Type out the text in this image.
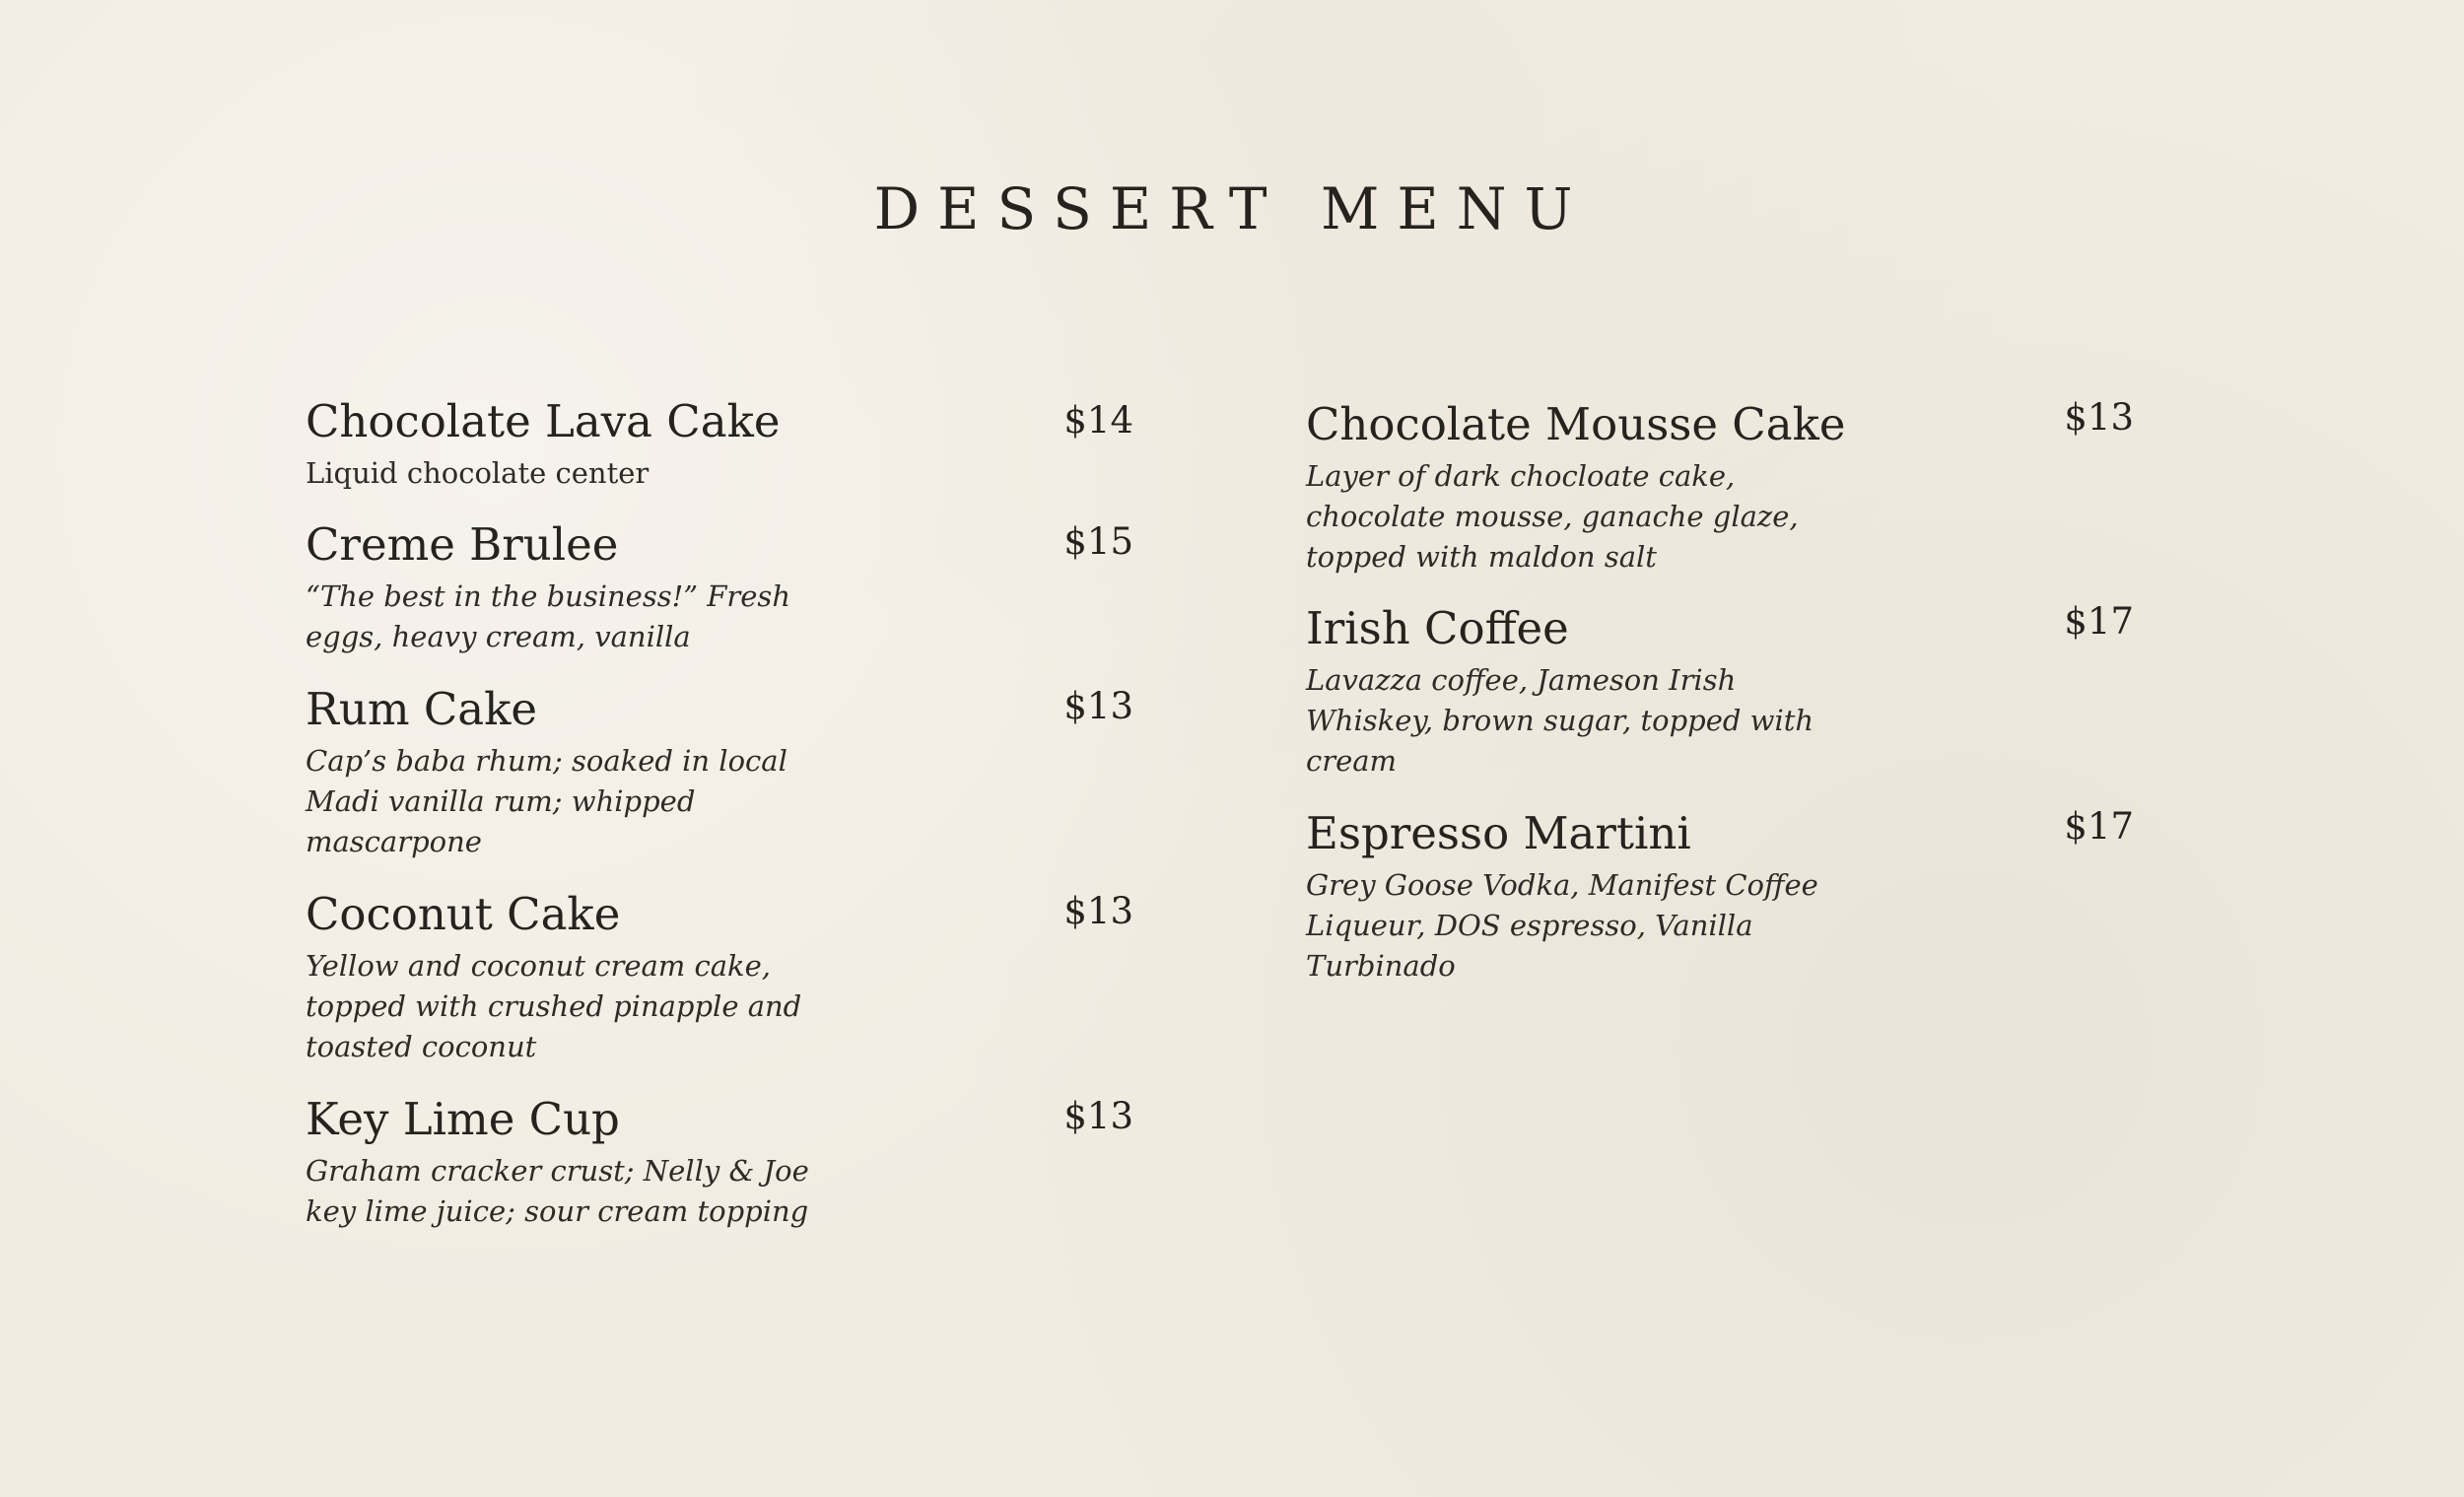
DESSERT MENU
Chocolate Lava Cake	$14
Liquid chocolate center
Creme Brulee	$15
“The best in the business!” Fresh eggs, heavy cream, vanilla
Rum Cake	$13
Cap’s baba rhum; soaked in local Madi vanilla rum; whipped mascarpone
Coconut Cake	$13
Yellow and coconut cream cake, topped with crushed pinapple and toasted coconut
Key Lime Cup	$13
Graham cracker crust; Nelly & Joe key lime juice; sour cream topping
Chocolate Mousse Cake	$13
Layer of dark chocloate cake, chocolate mousse, ganache glaze, topped with maldon salt
Irish Coffee	$17
Lavazza coffee, Jameson Irish Whiskey, brown sugar, topped with cream
Espresso Martini	$17
Grey Goose Vodka, Manifest Coffee Liqueur, DOS espresso, Vanilla Turbinado
